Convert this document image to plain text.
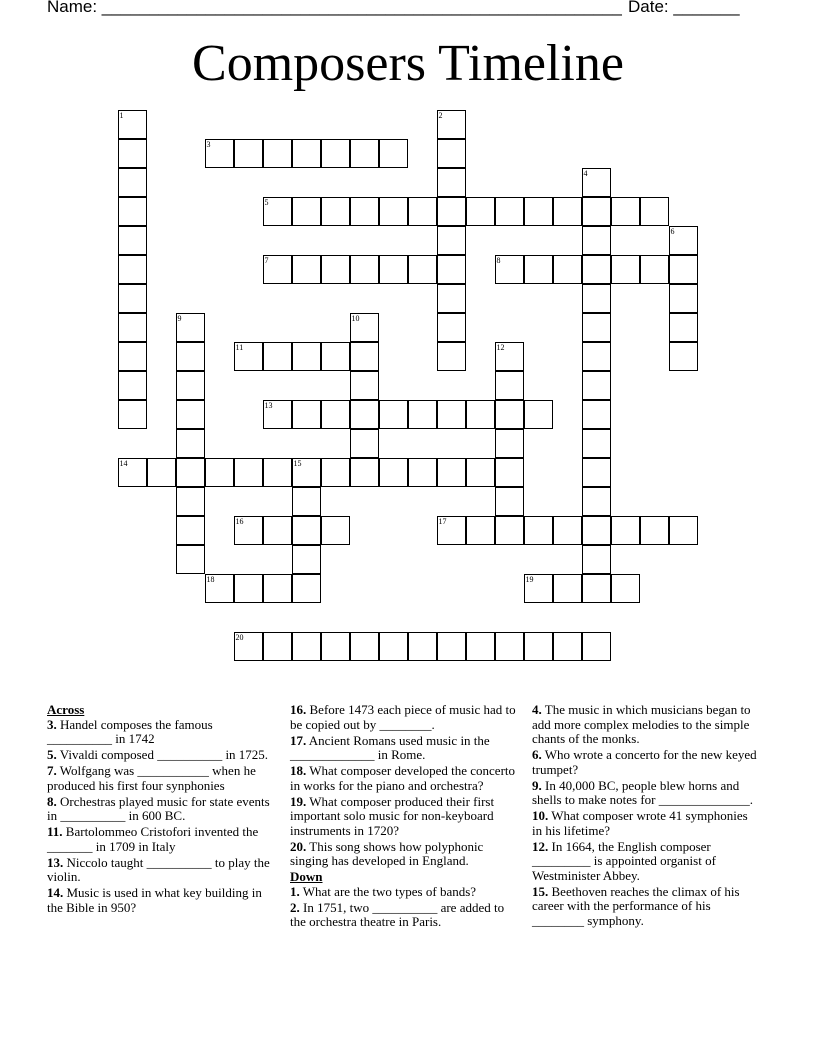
Name: _______________________________________________________ Date: _______
Composers Timeline
1	2
3
4
5
6
7	8
9	10
11	12
13
14	15
16	17
18	19
20
Across
3. Handel composes the famous __________ in 1742
5. Vivaldi composed __________ in 1725.
7. Wolfgang was ___________ when he produced his first four synphonies
8. Orchestras played music for state events in __________ in 600 BC.
11. Bartolommeo Cristofori invented the _______ in 1709 in Italy
13. Niccolo taught __________ to play the violin.
14. Music is used in what key building in the Bible in 950?
16. Before 1473 each piece of music had to be copied out by ________.
17. Ancient Romans used music in the _____________ in Rome.
18. What composer developed the concerto in works for the piano and orchestra?
19. What composer produced their first important solo music for non-keyboard instruments in 1720?
20. This song shows how polyphonic singing has developed in England.
Down
1. What are the two types of bands?
2. In 1751, two __________ are added to the orchestra theatre in Paris.
4. The music in which musicians began to add more complex melodies to the simple chants of the monks.
6. Who wrote a concerto for the new keyed trumpet?
9. In 40,000 BC, people blew horns and shells to make notes for ______________.
10. What composer wrote 41 symphonies in his lifetime?
12. In 1664, the English composer _________ is appointed organist of Westminister Abbey.
15. Beethoven reaches the climax of his career with the performance of his ________ symphony.
